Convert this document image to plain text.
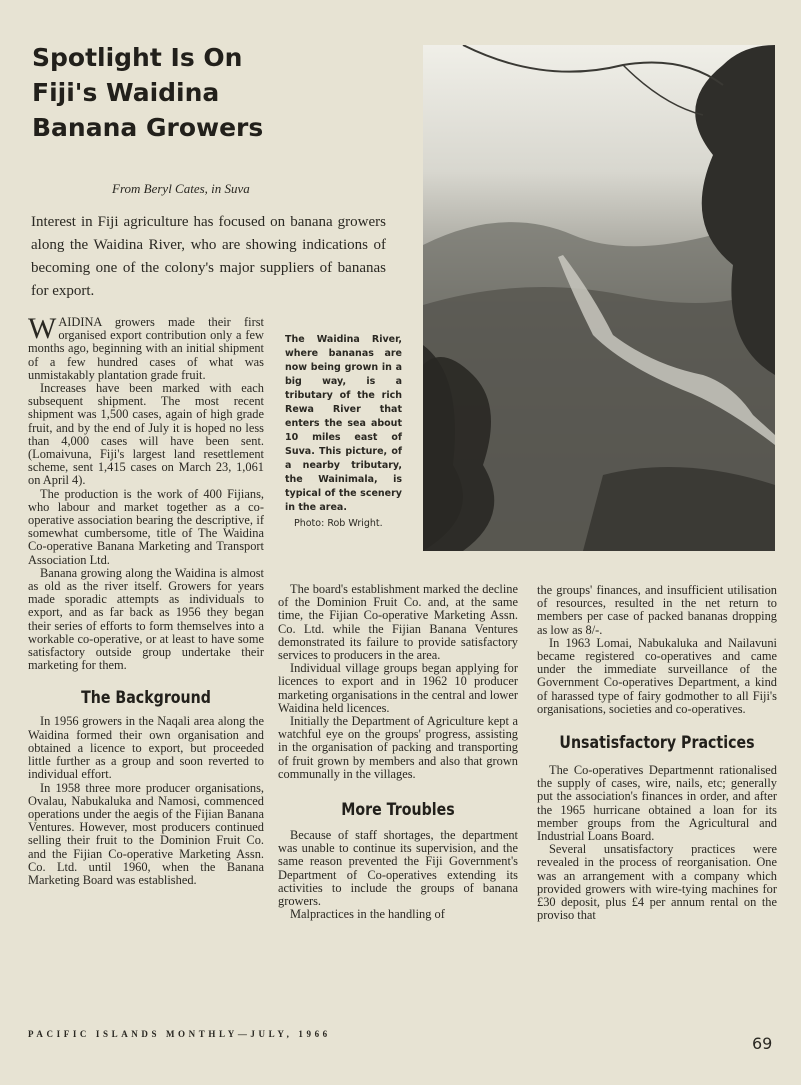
Spotlight Is On
Fiji's Waidina
Banana Growers
From Beryl Cates, in Suva
Interest in Fiji agriculture has focused on banana growers along the Waidina River, who are showing indications of becoming one of the colony's major suppliers of bananas for export.
The Waidina River, where bananas are now being grown in a big way, is a tributary of the rich Rewa River that enters the sea about 10 miles east of Suva. This picture, of a nearby tributary, the Wainimala, is typical of the scenery in the area.
Photo: Rob Wright.

WAIDINA growers made their first organised export contribution only a few months ago, beginning with an initial shipment of a few hundred cases of what was unmistakably plantation grade fruit.

Increases have been marked with each subsequent shipment. The most recent shipment was 1,500 cases, again of high grade fruit, and by the end of July it is hoped no less than 4,000 cases will have been sent. (Lomaivuna, Fiji's largest land resettlement scheme, sent 1,415 cases on March 23, 1,061 on April 4).

The production is the work of 400 Fijians, who labour and market together as a co-operative association bearing the descriptive, if somewhat cumbersome, title of The Waidina Co-operative Banana Marketing and Transport Association Ltd.

Banana growing along the Waidina is almost as old as the river itself. Growers for years made sporadic attempts as individuals to export, and as far back as 1956 they began their series of efforts to form themselves into a workable co-operative, or at least to have some satisfactory outside group undertake their marketing for them.

The Background

In 1956 growers in the Naqali area along the Waidina formed their own organisation and obtained a licence to export, but proceeded little further as a group and soon reverted to individual effort.

In 1958 three more producer organisations, Ovalau, Nabukaluka and Namosi, commenced operations under the aegis of the Fijian Banana Ventures. However, most producers continued selling their fruit to the Dominion Fruit Co. and the Fijian Co-operative Marketing Assn. Co. Ltd. until 1960, when the Banana Marketing Board was established.

The board's establishment marked the decline of the Dominion Fruit Co. and, at the same time, the Fijian Co-operative Marketing Assn. Co. Ltd. while the Fijian Banana Ventures demonstrated its failure to provide satisfactory services to producers in the area.

Individual village groups began applying for licences to export and in 1962 10 producer marketing organisations in the central and lower Waidina held licences.

Initially the Department of Agriculture kept a watchful eye on the groups' progress, assisting in the organisation of packing and transporting of fruit grown by members and also that grown communally in the villages.

More Troubles

Because of staff shortages, the department was unable to continue its supervision, and the same reason prevented the Fiji Government's Department of Co-operatives extending its activities to include the groups of banana growers.

Malpractices in the handling of

the groups' finances, and insufficient utilisation of resources, resulted in the net return to members per case of packed bananas dropping as low as 8/-.

In 1963 Lomai, Nabukaluka and Nailavuni became registered co-operatives and came under the immediate surveillance of the Government Co-operatives Department, a kind of harassed type of fairy godmother to all Fiji's organisations, societies and co-operatives.

Unsatisfactory Practices

The Co-operatives Departmennt rationalised the supply of cases, wire, nails, etc; generally put the association's finances in order, and after the 1965 hurricane obtained a loan for its member groups from the Agricultural and Industrial Loans Board.

Several unsatisfactory practices were revealed in the process of reorganisation. One was an arrangement with a company which provided growers with wire-tying machines for £30 deposit, plus £4 per annum rental on the proviso that

PACIFIC ISLANDS MONTHLY—JULY, 1966	69
